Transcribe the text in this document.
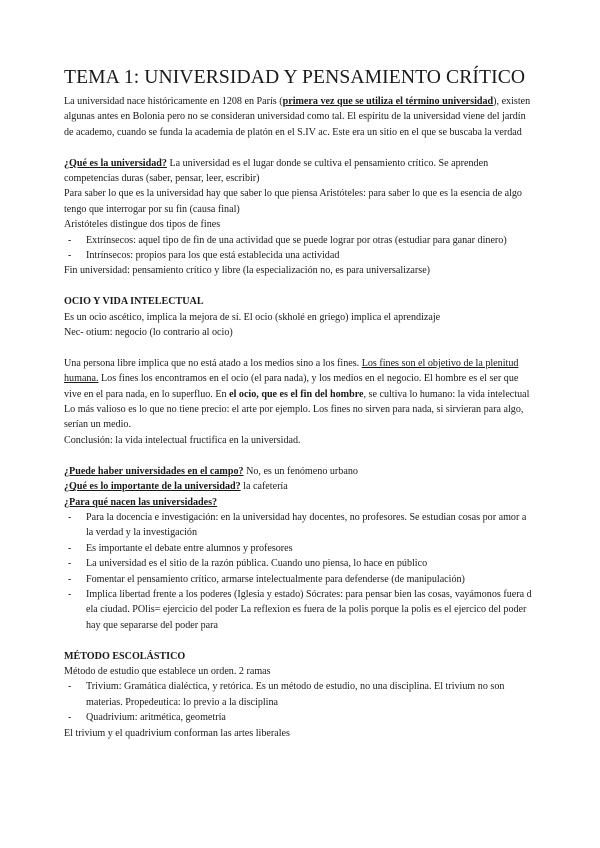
TEMA 1: UNIVERSIDAD Y PENSAMIENTO CRÍTICO

La universidad nace históricamente en 1208 en París (primera vez que se utiliza el término universidad), existen algunas antes en Bolonia pero no se consideran universidad como tal. El espíritu de la universidad viene del jardín de academo, cuando se funda la academia de platón en el S.IV ac. Este era un sitio en el que se buscaba la verdad

¿Qué es la universidad? La universidad es el lugar donde se cultiva el pensamiento crítico. Se aprenden competencias duras (saber, pensar, leer, escribir)

Para saber lo que es la universidad hay que saber lo que piensa Aristóteles: para saber lo que es la esencia de algo tengo que interrogar por su fin (causa final)

Aristóteles distingue dos tipos de fines

- Extrínsecos: aquel tipo de fin de una actividad que se puede lograr por otras (estudiar para ganar dinero)
- Intrínsecos: propios para los que está establecida una actividad

Fin universidad: pensamiento crítico y libre (la especialización no, es para universalizarse)

OCIO Y VIDA INTELECTUAL

Es un ocio ascético, implica la mejora de sí. El ocio (skholé en griego) implica el aprendizaje

Nec- otium: negocio (lo contrario al ocio)

Una persona libre implica que no está atado a los medios sino a los fines. Los fines son el objetivo de la plenitud humana. Los fines los encontramos en el ocio (el para nada), y los medios en el negocio. El hombre es el ser que vive en el para nada, en lo superfluo. En el ocio, que es el fin del hombre, se cultiva lo humano: la vida intelectual

Lo más valioso es lo que no tiene precio: el arte por ejemplo. Los fines no sirven para nada, si sirvieran para algo, serían un medio.

Conclusión: la vida intelectual fructifica en la universidad.

¿Puede haber universidades en el campo? No, es un fenómeno urbano

¿Qué es lo importante de la universidad? la cafetería

¿Para qué nacen las universidades?

- Para la docencia e investigación: en la universidad hay docentes, no profesores. Se estudian cosas por amor a la verdad y la investigación
- Es importante el debate entre alumnos y profesores
- La universidad es el sitio de la razón pública. Cuando uno piensa, lo hace en público
- Fomentar el pensamiento crítico, armarse intelectualmente para defenderse (de manipulación)
- Implica libertad frente a los poderes (Iglesia y estado) Sócrates: para pensar bien las cosas, vayámonos fuera d ela ciudad. POlis= ejercicio del poder La reflexion es fuera de la polis porque la polis es el ejercico del poder hay que separarse del poder para

MÉTODO ESCOLÁSTICO

Método de estudio que establece un orden. 2 ramas

- Trivium: Gramática dialéctica, y retórica. Es un método de estudio, no una disciplina. El trivium no son materias. Propedeutica: lo previo a la disciplina
- Quadrivium: aritmética, geometría

El trivium y el quadrivium conforman las artes liberales
